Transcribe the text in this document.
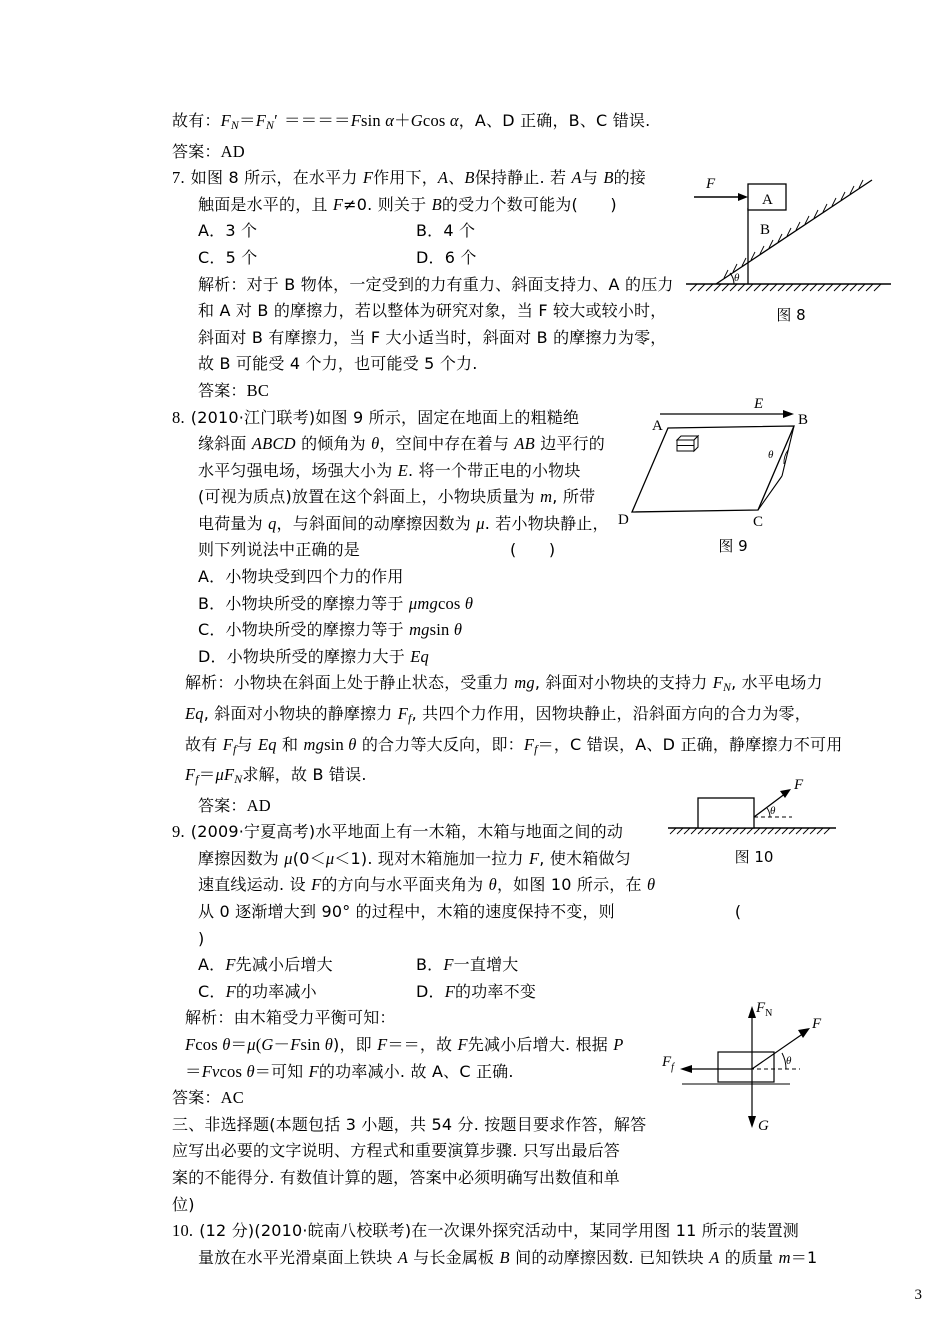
故有：$F_N=F_N' ====Fsin$ α＋Gcos α，A、D 正确，B、C 错误.
答案：AD
7. 如图 8 所示，在水平力 F作用下，A、B保持静止. 若 A与 B的接
触面是水平的，且 F≠0. 则关于 B的受力个数可能为(　　)
A．3 个	B．4 个
C．5 个	D．6 个
解析：对于 B 物体，一定受到的力有重力、斜面支持力、A 的压力
和 A 对 B 的摩擦力，若以整体为研究对象，当 F 较大或较小时，
斜面对 B 有摩擦力，当 F 大小适当时，斜面对 B 的摩擦力为零，
故 B 可能受 4 个力，也可能受 5 个力.
答案：BC
8. (2010·江门联考)如图 9 所示，固定在地面上的粗糙绝
缘斜面 ABCD 的倾角为 θ，空间中存在着与 AB 边平行的
水平匀强电场，场强大小为 E. 将一个带正电的小物块
(可视为质点)放置在这个斜面上，小物块质量为 m, 所带
电荷量为 q，与斜面间的动摩擦因数为 μ. 若小物块静止，
则下列说法中正确的是	(　　)
A．小物块受到四个力的作用
B．小物块所受的摩擦力等于 μmgcos θ
C．小物块所受的摩擦力等于 mgsin θ
D．小物块所受的摩擦力大于 Eq
解析：小物块在斜面上处于静止状态，受重力 mg, 斜面对小物块的支持力 $F_N$, 水平电场力
Eq, 斜面对小物块的静摩擦力 $F_f$, 共四个力作用，因物块静止，沿斜面方向的合力为零，
故有 $F_f$与 Eq 和 mgsin θ 的合力等大反向，即：$F_f=$，C 错误，A、D 正确，静摩擦力不可用
$F_f=\mu F_N$求解，故 B 错误.
答案：AD
9. (2009·宁夏高考)水平地面上有一木箱，木箱与地面之间的动
摩擦因数为 μ(0＜μ＜1). 现对木箱施加一拉力 F, 使木箱做匀
速直线运动. 设 F的方向与水平面夹角为 θ，如图 10 所示，在 θ
从 0 逐渐增大到 90° 的过程中，木箱的速度保持不变，则	(
)
A．F先减小后增大	B．F一直增大
C．F的功率减小	D．F的功率不变
解析：由木箱受力平衡可知：
Fcos θ＝μ(G－Fsin θ)，即 F＝＝，故 F先减小后增大. 根据 P
＝Fvcos θ＝可知 F的功率减小. 故 A、C 正确.
答案：AC
三、非选择题(本题包括 3 小题，共 54 分. 按题目要求作答，解答
应写出必要的文字说明、方程式和重要演算步骤. 只写出最后答
案的不能得分. 有数值计算的题，答案中必须明确写出数值和单
位)
10. (12 分)(2010·皖南八校联考)在一次课外探究活动中，某同学用图 11 所示的装置测
量放在水平光滑桌面上铁块 A 与长金属板 B 间的动摩擦因数. 已知铁块 A 的质量 m＝1
A
B
F
θ
图 8
E
θ
A	B
C
D
图 9
F
θ
图 10
$F_N$
G
F
θ
$F_f$
3
